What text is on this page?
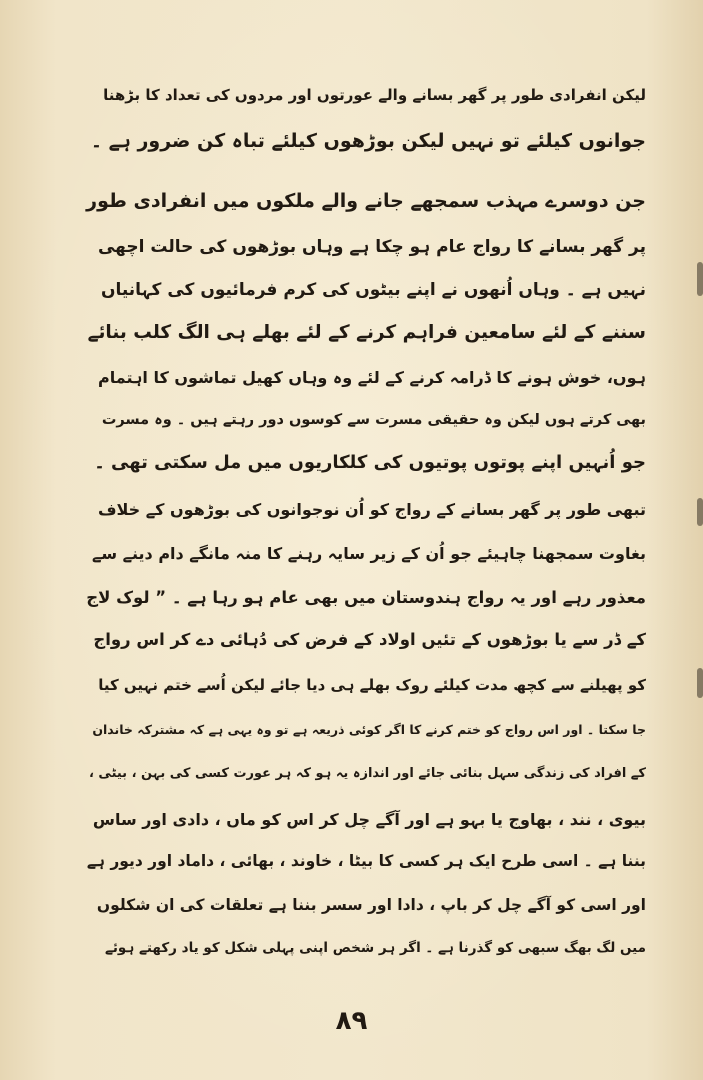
لیکن انفرادی طور پر گھر بسانے والے عورتوں اور مردوں کی تعداد کا بڑھنا
جوانوں کیلئے تو نہیں لیکن بوڑھوں کیلئے تباہ کن ضرور ہے ۔
جن دوسرے مہذب سمجھے جانے والے ملکوں میں انفرادی طور
پر گھر بسانے کا رواج عام ہو چکا ہے وہاں بوڑھوں کی حالت اچھی
نہیں ہے ۔ وہاں اُنھوں نے اپنے بیٹوں کی کرم فرمائیوں کی کہانیاں
سننے کے لئے سامعین فراہم کرنے کے لئے بھلے ہی الگ کلب بنائے
ہوں، خوش ہونے کا ڈرامہ کرنے کے لئے وہ وہاں کھیل تماشوں کا اہتمام
بھی کرتے ہوں لیکن وہ حقیقی مسرت سے کوسوں دور رہتے ہیں ۔ وہ مسرت
جو اُنہیں اپنے پوتوں پوتیوں کی کلکاریوں میں مل سکتی تھی ۔
تبھی طور پر گھر بسانے کے رواج کو اُن نوجوانوں کی بوڑھوں کے خلاف
بغاوت سمجھنا چاہیئے جو اُن کے زیر سایہ رہنے کا منہ مانگے دام دینے سے
معذور رہے اور یہ رواج ہندوستان میں بھی عام ہو رہا ہے ۔ ” لوک لاج
کے ڈر سے یا بوڑھوں کے تئیں اولاد کے فرض کی دُہائی دے کر اس رواج
کو پھیلنے سے کچھ مدت کیلئے روک بھلے ہی دیا جائے لیکن اُسے ختم نہیں کیا
جا سکتا ۔ اور اس رواج کو ختم کرنے کا اگر کوئی ذریعہ ہے تو وہ یہی ہے کہ مشترکہ خاندان
کے افراد کی زندگی سہل بنائی جائے اور اندازہ یہ ہو کہ ہر عورت کسی کی بہن ، بیٹی ،
بیوی ، نند ، بھاوج یا بہو ہے اور آگے چل کر اس کو ماں ، دادی اور ساس
بننا ہے ۔ اسی طرح ایک ہر کسی کا بیٹا ، خاوند ، بھائی ، داماد اور دیور ہے
اور اسی کو آگے چل کر باپ ، دادا اور سسر بننا ہے تعلقات کی ان شکلوں
میں لگ بھگ سبھی کو گذرنا ہے ۔ اگر ہر شخص اپنی پہلی شکل کو یاد رکھتے ہوئے
۸۹
